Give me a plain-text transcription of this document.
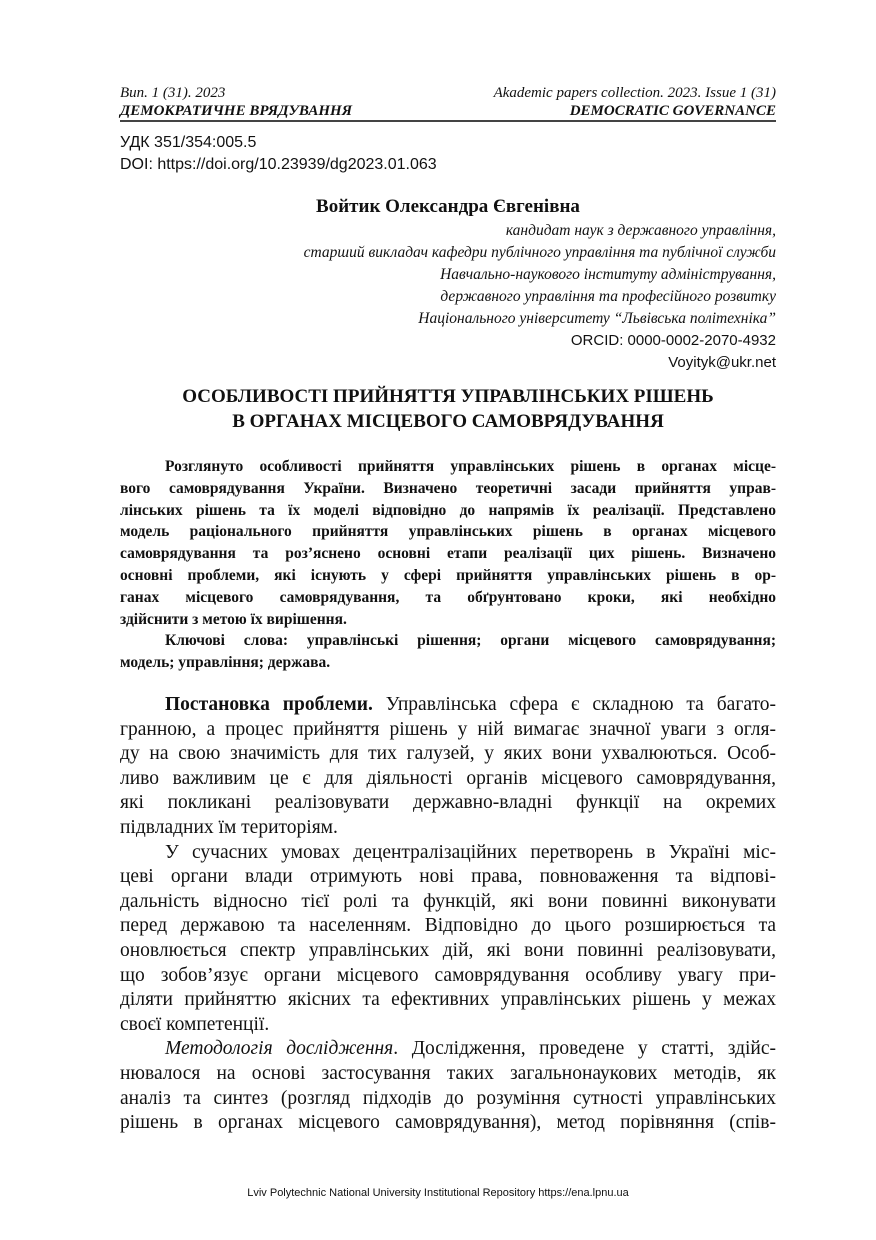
Вип. 1 (31). 2023
ДЕМОКРАТИЧНЕ ВРЯДУВАННЯ
Akademic papers collection. 2023. Issue 1 (31)
DEMOCRATIC GOVERNANCE
УДК 351/354:005.5
DOI: https://doi.org/10.23939/dg2023.01.063
Войтик Олександра Євгенівна
кандидат наук з державного управління,
старший викладач кафедри публічного управління та публічної служби
Навчально-наукового інституту адміністрування,
державного управління та професійного розвитку
Національного університету “Львівська політехніка”
ORCID: 0000-0002-2070-4932
Voyityk@ukr.net
ОСОБЛИВОСТІ ПРИЙНЯТТЯ УПРАВЛІНСЬКИХ РІШЕНЬ
В ОРГАНАХ МІСЦЕВОГО САМОВРЯДУВАННЯ
Розглянуто особливості прийняття управлінських рішень в органах місце-
вого самоврядування України. Визначено теоретичні засади прийняття управ-
лінських рішень та їх моделі відповідно до напрямів їх реалізації. Представлено
модель раціонального прийняття управлінських рішень в органах місцевого
самоврядування та роз’яснено основні етапи реалізації цих рішень. Визначено
основні проблеми, які існують у сфері прийняття управлінських рішень в ор-
ганах місцевого самоврядування, та обґрунтовано кроки, які необхідно
здійснити з метою їх вирішення.
Ключові слова: управлінські рішення; органи місцевого самоврядування;
модель; управління; держава.
Постановка проблеми. Управлінська сфера є складною та багато-
гранною, а процес прийняття рішень у ній вимагає значної уваги з огля-
ду на свою значимість для тих галузей, у яких вони ухвалюються. Особ-
ливо важливим це є для діяльності органів місцевого самоврядування,
які покликані реалізовувати державно-владні функції на окремих
підвладних їм територіям.
У сучасних умовах децентралізаційних перетворень в Україні міс-
цеві органи влади отримують нові права, повноваження та відпові-
дальність відносно тієї ролі та функцій, які вони повинні виконувати
перед державою та населенням. Відповідно до цього розширюється та
оновлюється спектр управлінських дій, які вони повинні реалізовувати,
що зобов’язує органи місцевого самоврядування особливу увагу при-
діляти прийняттю якісних та ефективних управлінських рішень у межах
своєї компетенції.
Методологія дослідження. Дослідження, проведене у статті, здійс-
нювалося на основі застосування таких загальнонаукових методів, як
аналіз та синтез (розгляд підходів до розуміння сутності управлінських
рішень в органах місцевого самоврядування), метод порівняння (спів-
Lviv Polytechnic National University Institutional Repository https://ena.lpnu.ua
